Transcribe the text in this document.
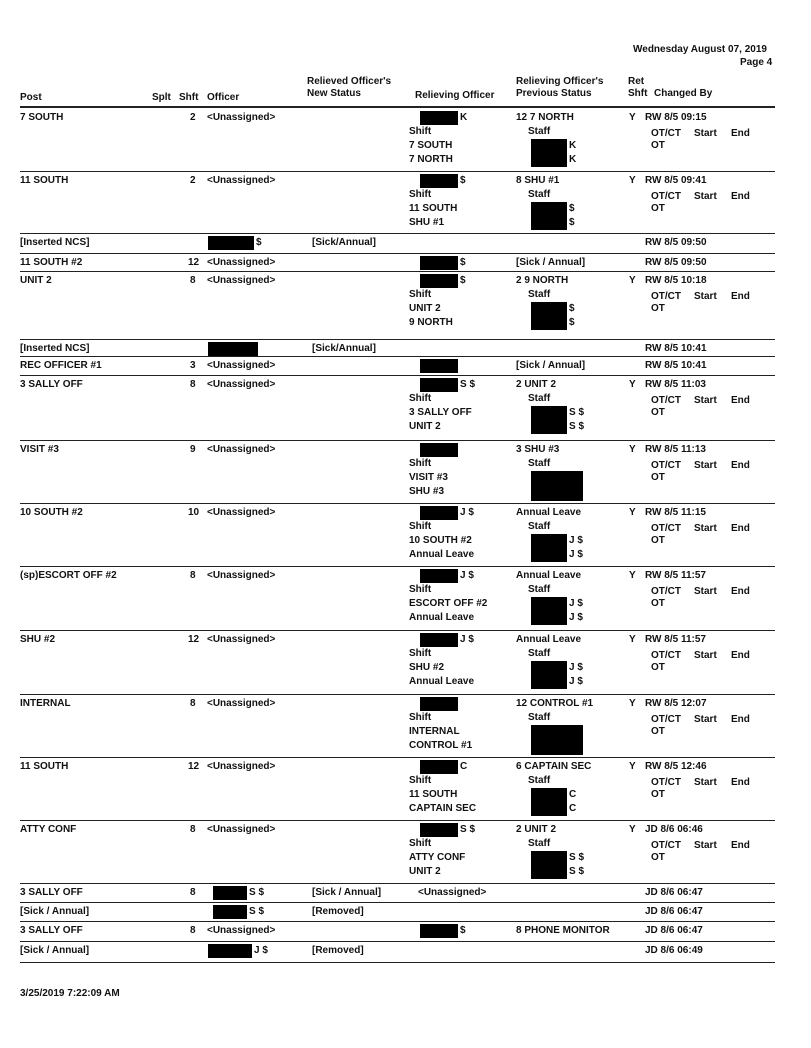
Wednesday August 07, 2019
Page 4
Post	Splt Shft Officer
Relieved Officer's
New Status	Relieving Officer
Relieving Officer's
Previous Status
Ret
Shft Changed By
7 SOUTH	2 <Unassigned>	K	12 7 NORTH	Y RW 8/5 09:15
Shift
7 SOUTH
7 NORTH
Staff
K
K
OT/CT Start End
OT
11 SOUTH	2 <Unassigned>	$	8 SHU #1	Y RW 8/5 09:41
Shift
11 SOUTH
SHU #1
Staff
$
$
OT/CT Start End
OT
[Inserted NCS]	$	[Sick/Annual]	RW 8/5 09:50
11 SOUTH #2	12 <Unassigned>	$	[Sick / Annual]	RW 8/5 09:50
UNIT 2	8 <Unassigned>	$	2 9 NORTH	Y RW 8/5 10:18
Shift
UNIT 2
9 NORTH
Staff
$
$
OT/CT Start End
OT
[Inserted NCS]	[Sick/Annual]	RW 8/5 10:41
REC OFFICER #1	3 <Unassigned>	[Sick / Annual]	RW 8/5 10:41
3 SALLY OFF	8 <Unassigned>	S $	2 UNIT 2	Y RW 8/5 11:03
Shift
3 SALLY OFF
UNIT 2
Staff
S $
S $
OT/CT Start End
OT
VISIT #3	9 <Unassigned>	3 SHU #3	Y RW 8/5 11:13
Shift
VISIT #3
SHU #3
Staff	OT/CT Start End
OT
10 SOUTH #2	10 <Unassigned>	J $	Annual Leave	Y RW 8/5 11:15
Shift
10 SOUTH #2
Annual Leave
Staff
J $
J $
OT/CT Start End
OT
(sp)ESCORT OFF #2	8 <Unassigned>	J $	Annual Leave	Y RW 8/5 11:57
Shift
ESCORT OFF #2
Annual Leave
Staff
J $
J $
OT/CT Start End
OT
SHU #2	12 <Unassigned>	J $	Annual Leave	Y RW 8/5 11:57
Shift
SHU #2
Annual Leave
Staff
J $
J $
OT/CT Start End
OT
INTERNAL	8 <Unassigned>	12 CONTROL #1	Y RW 8/5 12:07
Shift
INTERNAL
CONTROL #1
Staff	OT/CT Start End
OT
11 SOUTH	12 <Unassigned>	C	6 CAPTAIN SEC	Y RW 8/5 12:46
Shift
11 SOUTH
CAPTAIN SEC
Staff
C
C
OT/CT Start End
OT
ATTY CONF	8 <Unassigned>	S $	2 UNIT 2	Y JD 8/6 06:46
Shift
ATTY CONF
UNIT 2
Staff
S $
S $
OT/CT Start End
OT
3 SALLY OFF	8	S $	[Sick / Annual]	<Unassigned>	JD 8/6 06:47
[Sick / Annual]	S $	[Removed]	JD 8/6 06:47
3 SALLY OFF	8 <Unassigned>	$	8 PHONE MONITOR	JD 8/6 06:47
[Sick / Annual]	J $	[Removed]	JD 8/6 06:49
3/25/2019 7:22:09 AM
